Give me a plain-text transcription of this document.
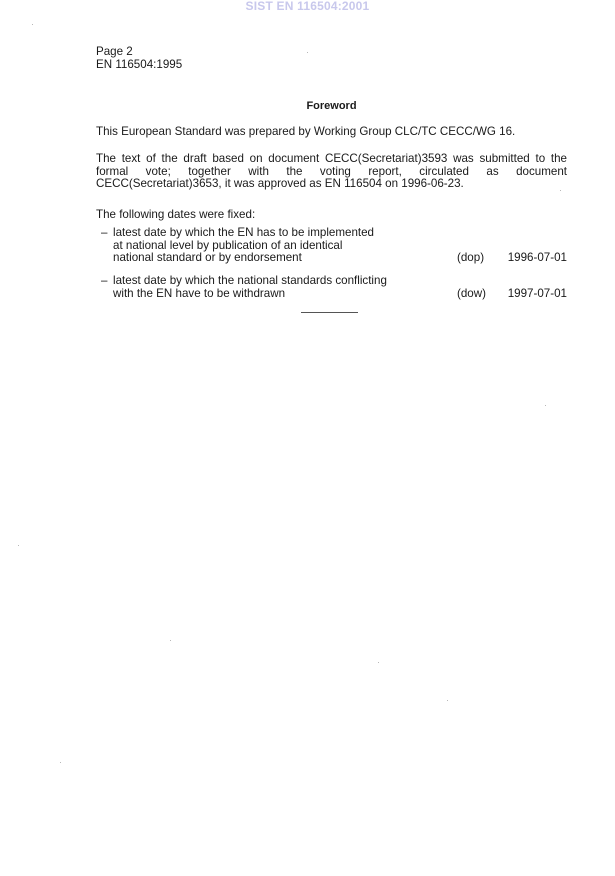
SIST EN 116504:2001
Page 2
EN 116504:1995
Foreword
This European Standard was prepared by Working Group CLC/TC CECC/WG 16.
The text of the draft based on document CECC(Secretariat)3593 was submitted to the
formal vote; together with the voting report, circulated as document
CECC(Secretariat)3653, it was approved as EN 116504 on 1996-06-23.
The following dates were fixed:
– latest date by which the EN has to be implemented
at national level by publication of an identical
national standard or by endorsement	(dop)	1996-07-01
– latest date by which the national standards conflicting
with the EN have to be withdrawn	(dow)	1997-07-01
